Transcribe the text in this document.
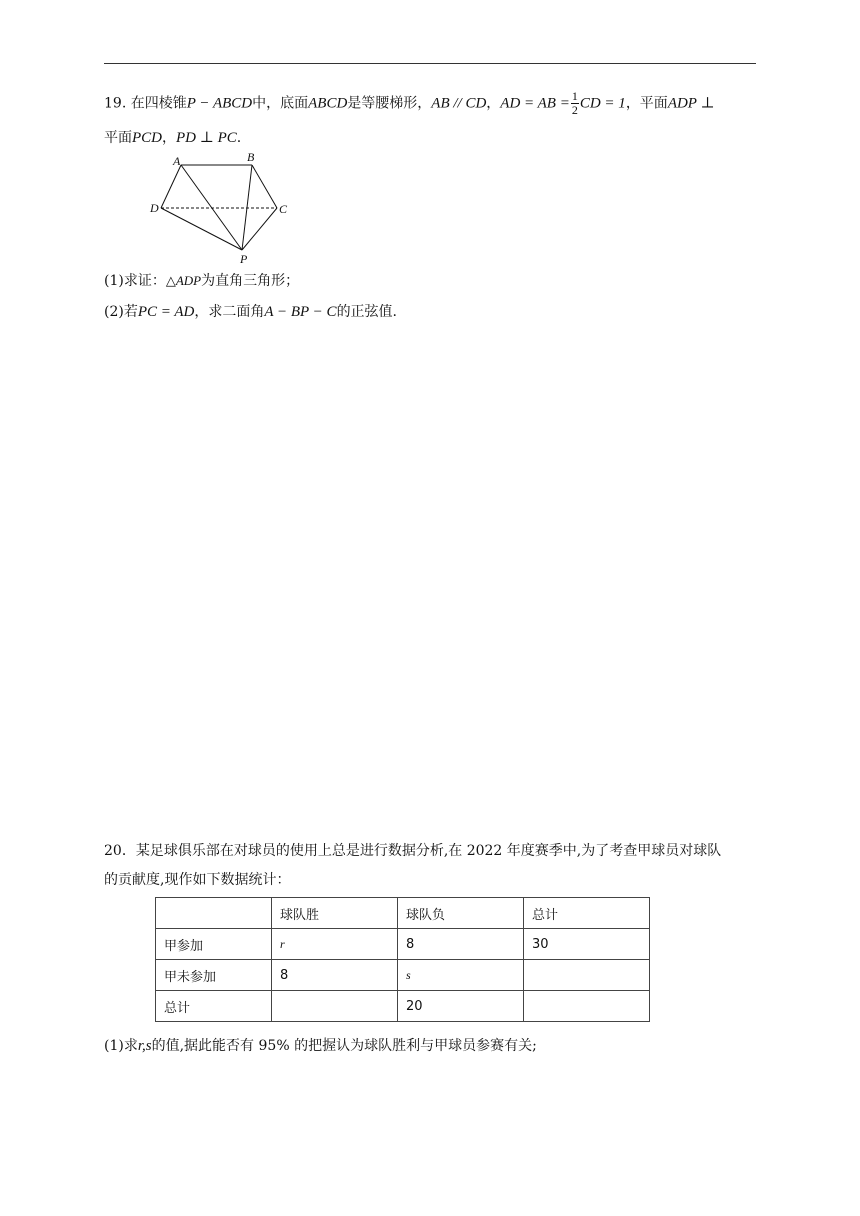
19. 在四棱锥P − ABCD中，底面ABCD是等腰梯形，AB // CD，AD = AB = $\frac{1}{2}$ CD = 1，平面ADP ⊥
平面PCD，PD ⊥ PC.
A	B
C
D
P
(1)求证：△ADP为直角三角形；
(2)若PC = AD，求二面角A − BP − C的正弦值.
20．某足球俱乐部在对球员的使用上总是进行数据分析,在 2022 年度赛季中,为了考查甲球员对球队
的贡献度,现作如下数据统计：
	球队胜	球队负	总计
甲参加	r	8	30
甲未参加	8	s	
总计		20	
(1)求r,s的值,据此能否有 95% 的把握认为球队胜利与甲球员参赛有关;
